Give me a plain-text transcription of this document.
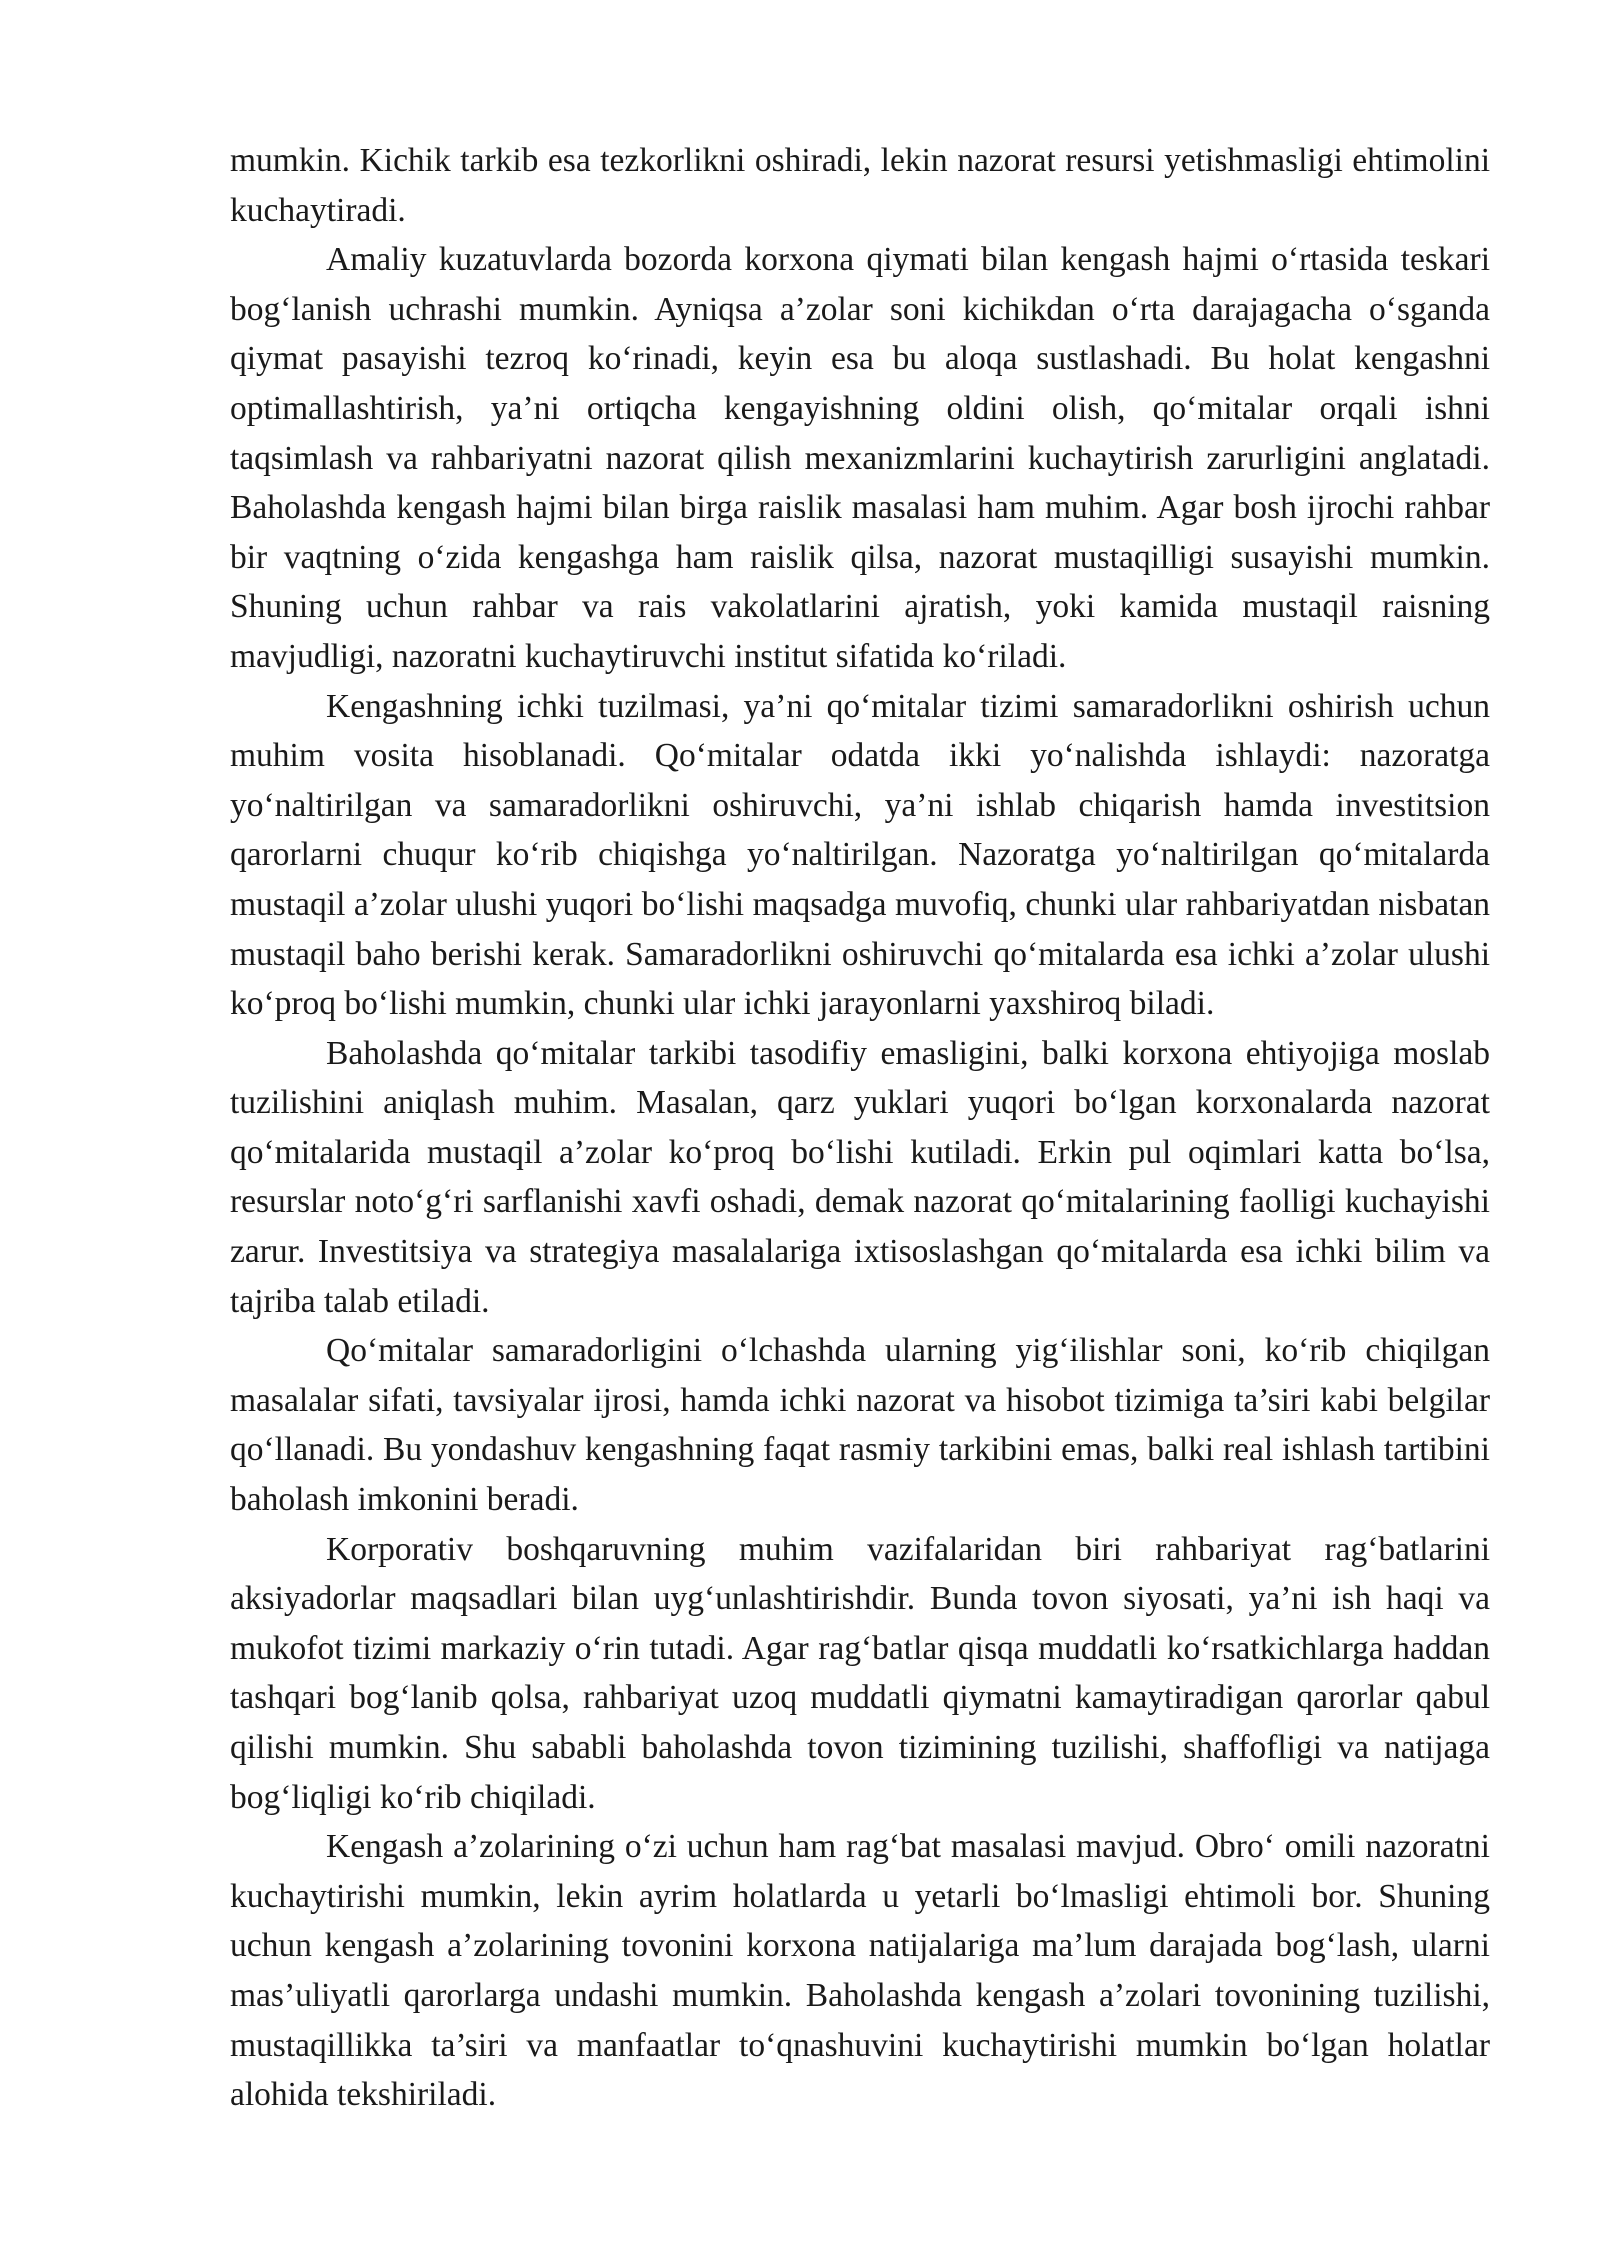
mumkin. Kichik tarkib esa tezkorlikni oshiradi, lekin nazorat resursi yetishmasligi ehtimolini kuchaytiradi.

Amaliy kuzatuvlarda bozorda korxona qiymati bilan kengash hajmi o‘rtasida teskari bog‘lanish uchrashi mumkin. Ayniqsa a’zolar soni kichikdan o‘rta darajagacha o‘sganda qiymat pasayishi tezroq ko‘rinadi, keyin esa bu aloqa sustlashadi. Bu holat kengashni optimallashtirish, ya’ni ortiqcha kengayishning oldini olish, qo‘mitalar orqali ishni taqsimlash va rahbariyatni nazorat qilish mexanizmlarini kuchaytirish zarurligini anglatadi. Baholashda kengash hajmi bilan birga raislik masalasi ham muhim. Agar bosh ijrochi rahbar bir vaqtning o‘zida kengashga ham raislik qilsa, nazorat mustaqilligi susayishi mumkin. Shuning uchun rahbar va rais vakolatlarini ajratish, yoki kamida mustaqil raisning mavjudligi, nazoratni kuchaytiruvchi institut sifatida ko‘riladi.

Kengashning ichki tuzilmasi, ya’ni qo‘mitalar tizimi samaradorlikni oshirish uchun muhim vosita hisoblanadi. Qo‘mitalar odatda ikki yo‘nalishda ishlaydi: nazoratga yo‘naltirilgan va samaradorlikni oshiruvchi, ya’ni ishlab chiqarish hamda investitsion qarorlarni chuqur ko‘rib chiqishga yo‘naltirilgan. Nazoratga yo‘naltirilgan qo‘mitalarda mustaqil a’zolar ulushi yuqori bo‘lishi maqsadga muvofiq, chunki ular rahbariyatdan nisbatan mustaqil baho berishi kerak. Samaradorlikni oshiruvchi qo‘mitalarda esa ichki a’zolar ulushi ko‘proq bo‘lishi mumkin, chunki ular ichki jarayonlarni yaxshiroq biladi.

Baholashda qo‘mitalar tarkibi tasodifiy emasligini, balki korxona ehtiyojiga moslab tuzilishini aniqlash muhim. Masalan, qarz yuklari yuqori bo‘lgan korxonalarda nazorat qo‘mitalarida mustaqil a’zolar ko‘proq bo‘lishi kutiladi. Erkin pul oqimlari katta bo‘lsa, resurslar noto‘g‘ri sarflanishi xavfi oshadi, demak nazorat qo‘mitalarining faolligi kuchayishi zarur. Investitsiya va strategiya masalalariga ixtisoslashgan qo‘mitalarda esa ichki bilim va tajriba talab etiladi.

Qo‘mitalar samaradorligini o‘lchashda ularning yig‘ilishlar soni, ko‘rib chiqilgan masalalar sifati, tavsiyalar ijrosi, hamda ichki nazorat va hisobot tizimiga ta’siri kabi belgilar qo‘llanadi. Bu yondashuv kengashning faqat rasmiy tarkibini emas, balki real ishlash tartibini baholash imkonini beradi.

Korporativ boshqaruvning muhim vazifalaridan biri rahbariyat rag‘batlarini aksiyadorlar maqsadlari bilan uyg‘unlashtirishdir. Bunda tovon siyosati, ya’ni ish haqi va mukofot tizimi markaziy o‘rin tutadi. Agar rag‘batlar qisqa muddatli ko‘rsatkichlarga haddan tashqari bog‘lanib qolsa, rahbariyat uzoq muddatli qiymatni kamaytiradigan qarorlar qabul qilishi mumkin. Shu sababli baholashda tovon tizimining tuzilishi, shaffofligi va natijaga bog‘liqligi ko‘rib chiqiladi.

Kengash a’zolarining o‘zi uchun ham rag‘bat masalasi mavjud. Obro‘ omili nazoratni kuchaytirishi mumkin, lekin ayrim holatlarda u yetarli bo‘lmasligi ehtimoli bor. Shuning uchun kengash a’zolarining tovonini korxona natijalariga ma’lum darajada bog‘lash, ularni mas’uliyatli qarorlarga undashi mumkin. Baholashda kengash a’zolari tovonining tuzilishi, mustaqillikka ta’siri va manfaatlar to‘qnashuvini kuchaytirishi mumkin bo‘lgan holatlar alohida tekshiriladi.
